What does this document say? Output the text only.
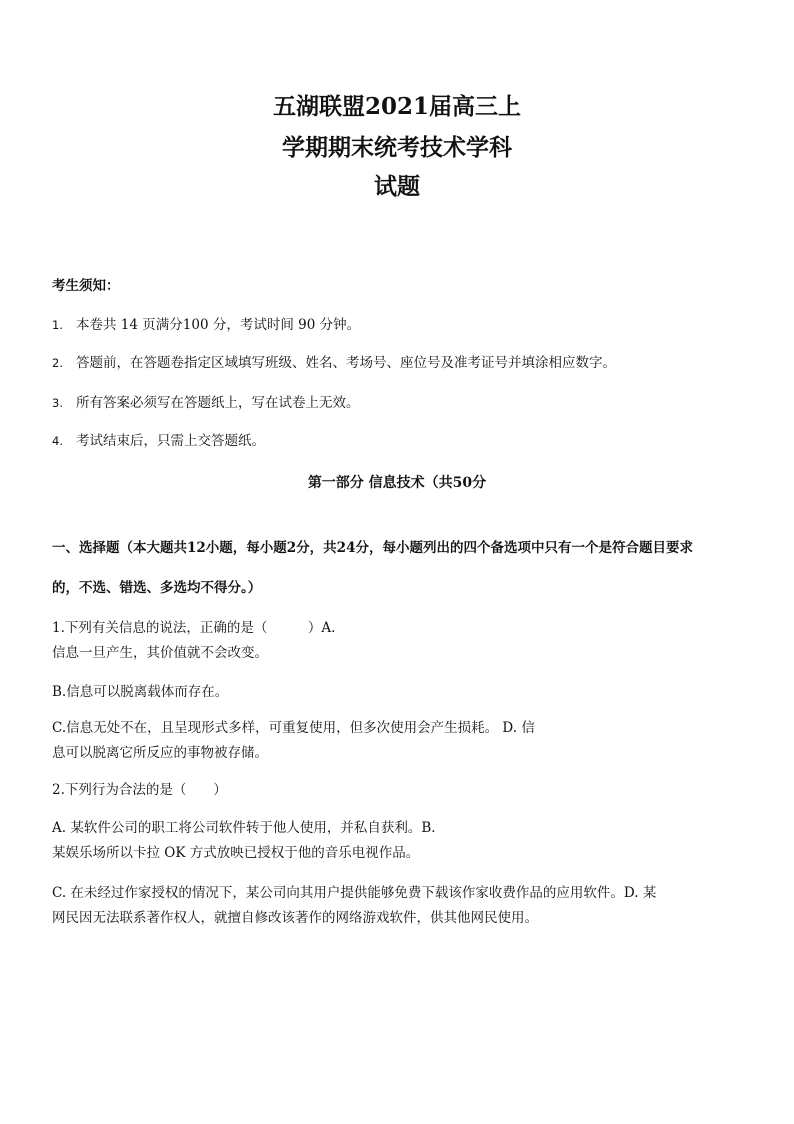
五湖联盟2021届高三上
学期期末统考技术学科
试题
考生须知：
1. 本卷共 14 页满分100 分，考试时间 90 分钟。
2. 答题前，在答题卷指定区域填写班级、姓名、考场号、座位号及准考证号并填涂相应数字。
3. 所有答案必须写在答题纸上，写在试卷上无效。
4. 考试结束后，只需上交答题纸。
第一部分 信息技术（共50分
一、选择题（本大题共12小题，每小题2分，共24分，每小题列出的四个备选项中只有一个是符合题目要求
的，不选、错选、多选均不得分。）
1.下列有关信息的说法，正确的是（　　　）A.
信息一旦产生，其价值就不会改变。
B.信息可以脱离载体而存在。
C.信息无处不在，且呈现形式多样，可重复使用，但多次使用会产生损耗。 D. 信
息可以脱离它所反应的事物被存储。
2.下列行为合法的是（　　）
A. 某软件公司的职工将公司软件转于他人使用，并私自获利。B.
某娱乐场所以卡拉 OK 方式放映已授权于他的音乐电视作品。
C. 在未经过作家授权的情况下，某公司向其用户提供能够免费下载该作家收费作品的应用软件。D. 某
网民因无法联系著作权人，就擅自修改该著作的网络游戏软件，供其他网民使用。
